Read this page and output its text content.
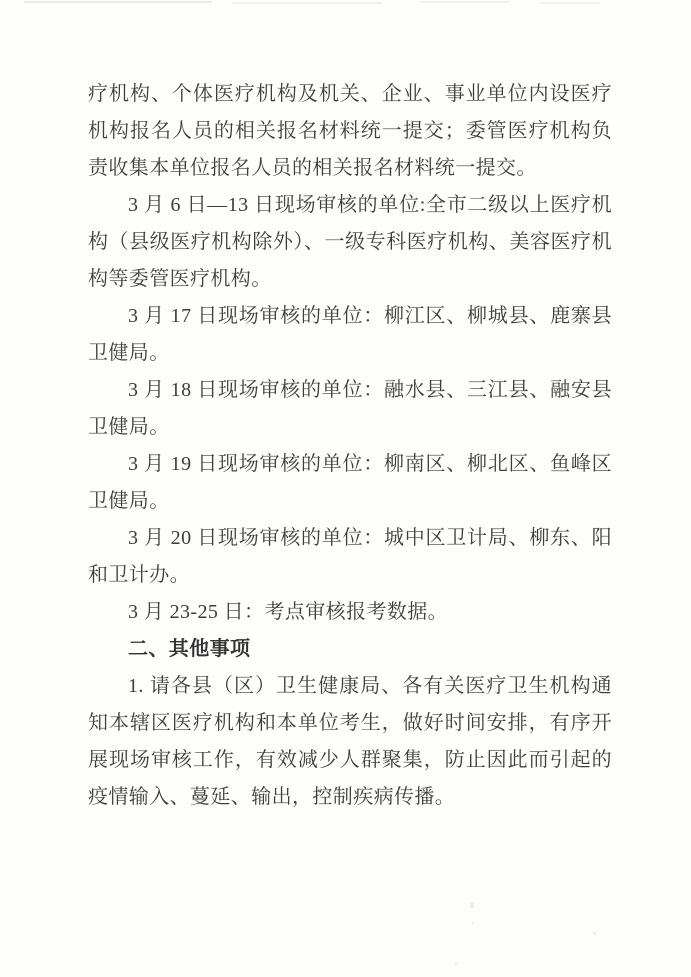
疗机构、个体医疗机构及机关、企业、事业单位内设医疗机构报名人员的相关报名材料统一提交；委管医疗机构负责收集本单位报名人员的相关报名材料统一提交。

3 月 6 日—13 日现场审核的单位:全市二级以上医疗机构（县级医疗机构除外）、一级专科医疗机构、美容医疗机构等委管医疗机构。

3 月 17 日现场审核的单位：柳江区、柳城县、鹿寨县卫健局。

3 月 18 日现场审核的单位：融水县、三江县、融安县卫健局。

3 月 19 日现场审核的单位：柳南区、柳北区、鱼峰区卫健局。

3 月 20 日现场审核的单位：城中区卫计局、柳东、阳和卫计办。

3 月 23-25 日：考点审核报考数据。

二、其他事项

1. 请各县（区）卫生健康局、各有关医疗卫生机构通知本辖区医疗机构和本单位考生，做好时间安排，有序开展现场审核工作，有效减少人群聚集，防止因此而引起的疫情输入、蔓延、输出，控制疾病传播。
